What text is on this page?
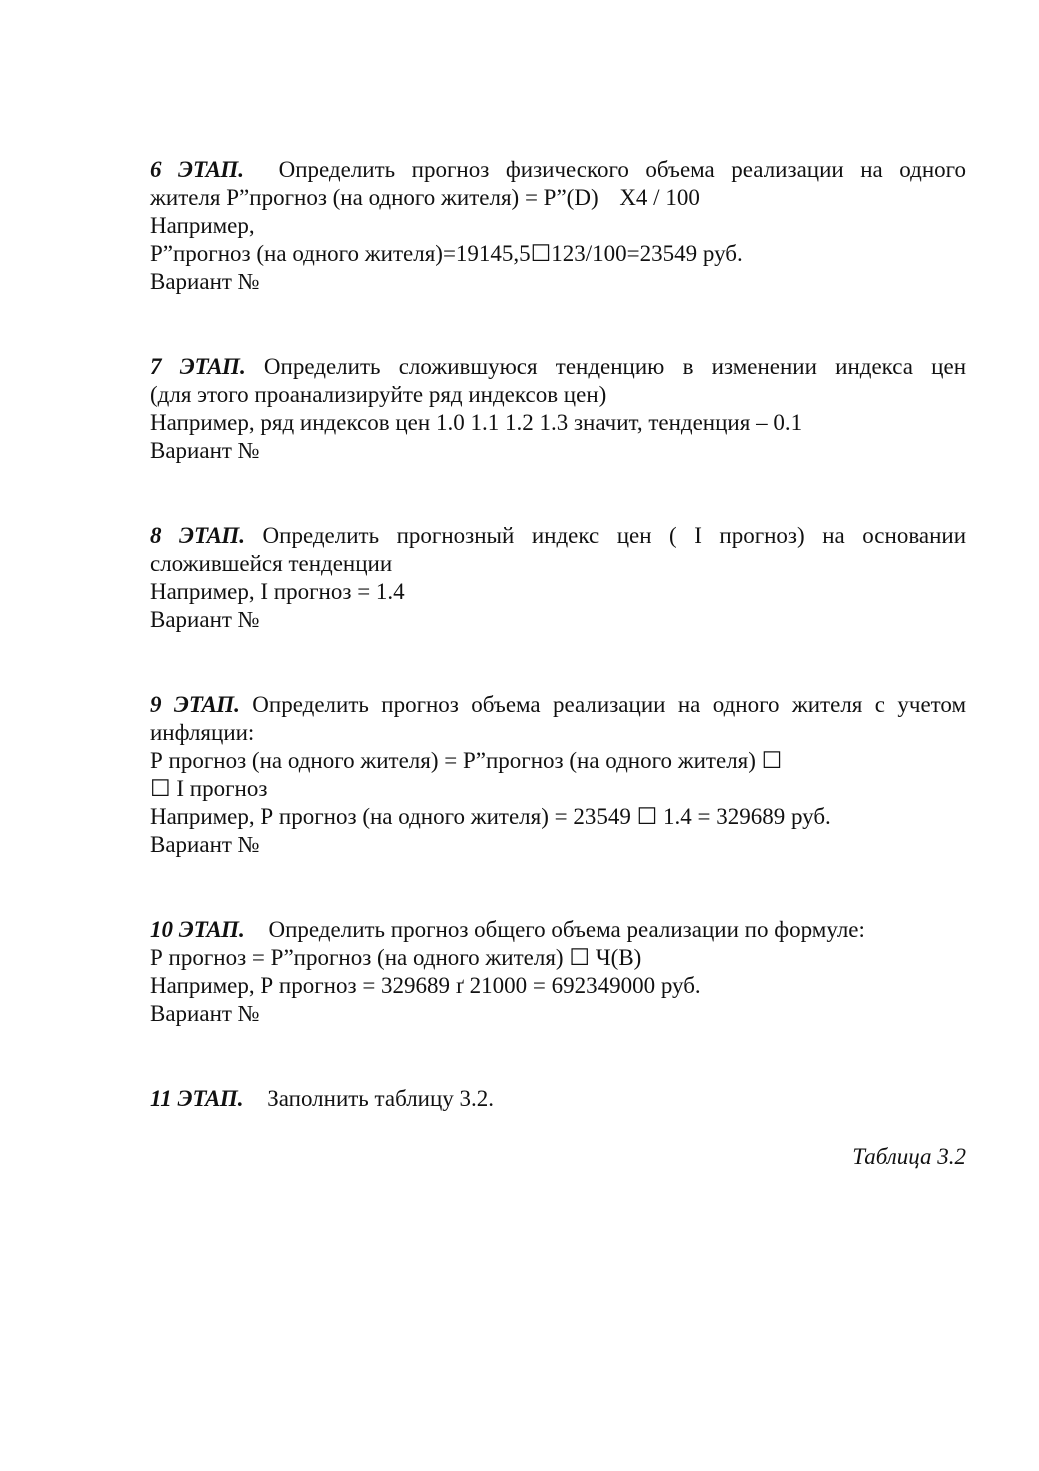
6 ЭТАП. Определить прогноз физического объема реализации на одного
жителя Р”прогноз (на одного жителя) = Р”(D)    Х4 / 100
Например,
Р”прогноз (на одного жителя)=19145,5☐123/100=23549 руб.
Вариант №
7 ЭТАП. Определить сложившуюся тенденцию в изменении индекса цен
(для этого проанализируйте ряд индексов цен)
Например, ряд индексов цен 1.0 1.1 1.2 1.3 значит, тенденция – 0.1
Вариант №
8 ЭТАП. Определить прогнозный индекс цен ( I прогноз) на основании
сложившейся тенденции
Например, I прогноз = 1.4
Вариант №
9 ЭТАП. Определить прогноз объема реализации на одного жителя с учетом
инфляции:
Р прогноз (на одного жителя) = Р”прогноз (на одного жителя) ☐
☐ I прогноз
Например, Р прогноз (на одного жителя) = 23549 ☐ 1.4 = 329689 руб.
Вариант №
10 ЭТАП. Определить прогноз общего объема реализации по формуле:
Р прогноз = Р”прогноз (на одного жителя) ☐ Ч(В)
Например, Р прогноз = 329689 ґ 21000 = 692349000 руб.
Вариант №
11 ЭТАП. Заполнить таблицу 3.2.
Таблица 3.2
